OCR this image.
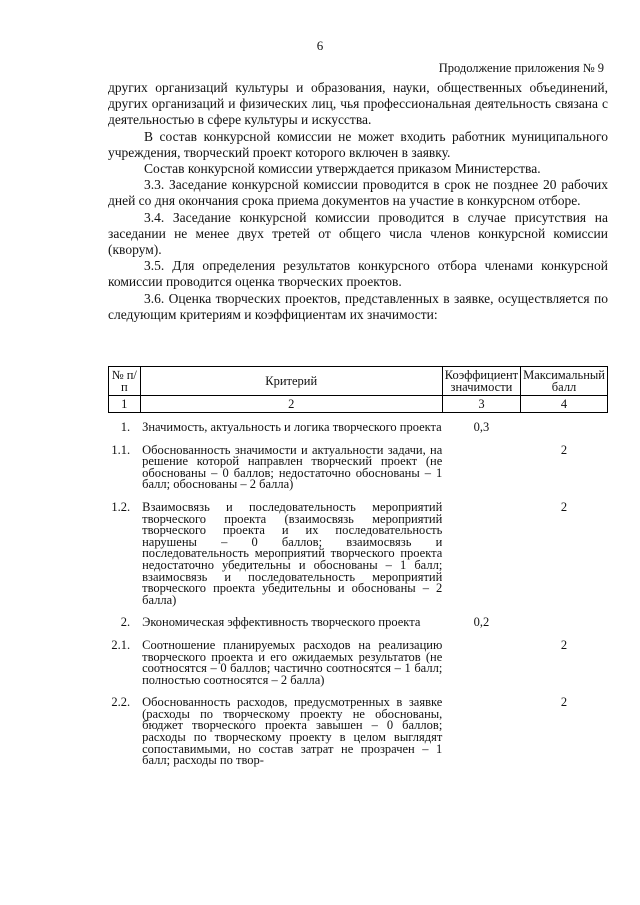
6
Продолжение приложения № 9

других организаций культуры и образования, науки, общественных объединений, других организаций и физических лиц, чья профессиональная деятельность связана с деятельностью в сфере культуры и искусства.

В состав конкурсной комиссии не может входить работник муниципального учреждения, творческий проект которого включен в заявку.

Состав конкурсной комиссии утверждается приказом Министерства.

3.3. Заседание конкурсной комиссии проводится в срок не позднее 20 рабочих дней со дня окончания срока приема документов на участие в конкурсном отборе.

3.4. Заседание конкурсной комиссии проводится в случае присутствия на заседании не менее двух третей от общего числа членов конкурсной комиссии (кворум).

3.5. Для определения результатов конкурсного отбора членами конкурсной комиссии проводится оценка творческих проектов.

3.6. Оценка творческих проектов, представленных в заявке, осуществляется по следующим критериям и коэффициентам их значимости:

№ п/п	Критерий	Коэффициент значимости	Максимальный балл
1	2	3	4
1.	Значимость, актуальность и логика творческого проекта	0,3	
1.1.	Обоснованность значимости и актуальности задачи, на решение которой направлен творческий проект (не обоснованы – 0 баллов; недостаточно обоснованы – 1 балл; обоснованы – 2 балла)		2
1.2.	Взаимосвязь и последовательность мероприятий творческого проекта (взаимосвязь мероприятий творческого проекта и их последовательность нарушены – 0 баллов; взаимосвязь и последовательность мероприятий творческого проекта недостаточно убедительны и обоснованы – 1 балл; взаимосвязь и последовательность мероприятий творческого проекта убедительны и обоснованы – 2 балла)		2
2.	Экономическая эффективность творческого проекта	0,2	
2.1.	Соотношение планируемых расходов на реализацию творческого проекта и его ожидаемых результатов (не соотносятся – 0 баллов; частично соотносятся – 1 балл; полностью соотносятся – 2 балла)		2
2.2.	Обоснованность расходов, предусмотренных в заявке (расходы по творческому проекту не обоснованы, бюджет творческого проекта завышен – 0 баллов; расходы по творческому проекту в целом выглядят сопоставимыми, но состав затрат не прозрачен – 1 балл; расходы по твор-		2
